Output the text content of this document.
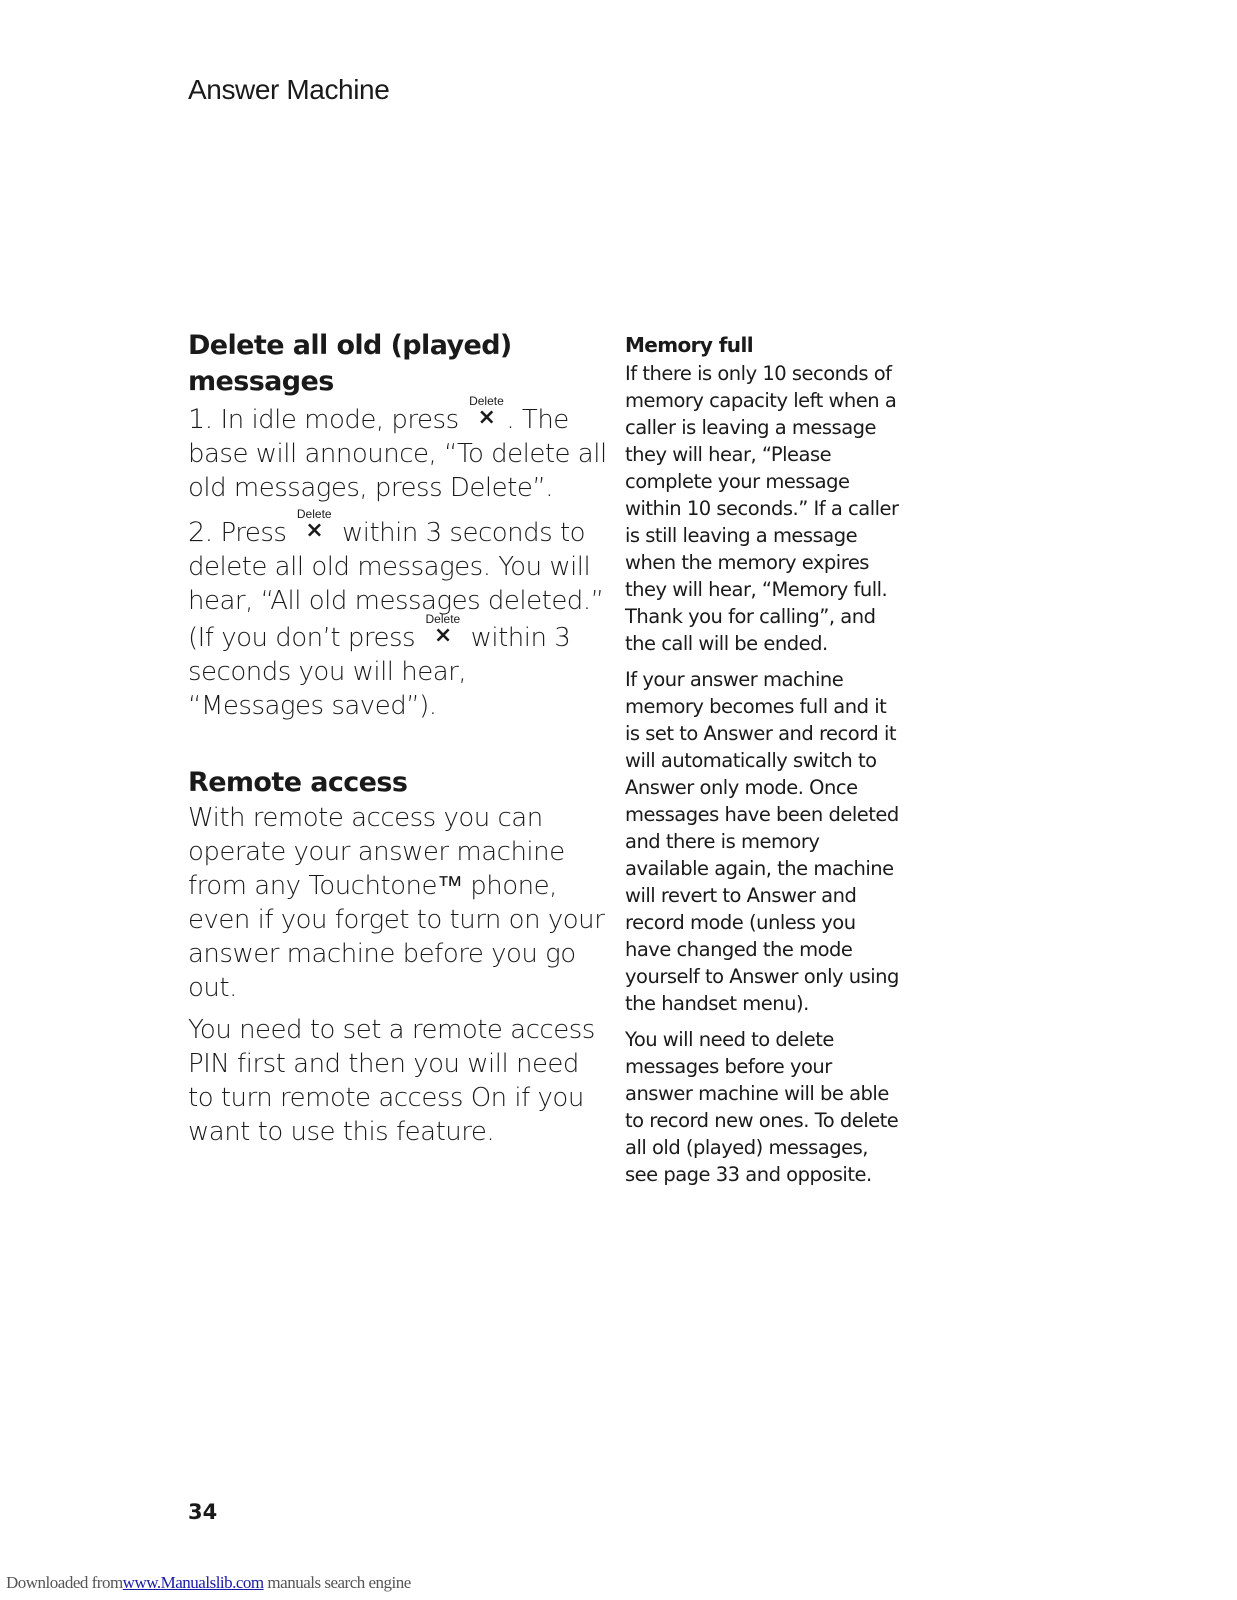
Answer Machine
Delete all old (played) messages

1. In idle mode, press
Delete
× . The base will announce, “To delete all old messages, press Delete”.

2. Press
Delete
× within 3 seconds to delete all old messages. You will hear, “All old messages deleted.” (If you don’t press
Delete
× within 3 seconds you will hear, “Messages saved”).

Remote access

With remote access you can operate your answer machine from any Touchtone™ phone, even if you forget to turn on your answer machine before you go out.

You need to set a remote access PIN first and then you will need to turn remote access On if you want to use this feature.

Memory full

If there is only 10 seconds of memory capacity left when a caller is leaving a message they will hear, “Please complete your message within 10 seconds.” If a caller is still leaving a message when the memory expires they will hear, “Memory full. Thank you for calling”, and the call will be ended.

If your answer machine memory becomes full and it is set to Answer and record it will automatically switch to Answer only mode. Once messages have been deleted and there is memory available again, the machine will revert to Answer and record mode (unless you have changed the mode yourself to Answer only using the handset menu).

You will need to delete messages before your answer machine will be able to record new ones. To delete all old (played) messages, see page 33 and opposite.

34
Downloaded fromwww.Manualslib.com manuals search engine
